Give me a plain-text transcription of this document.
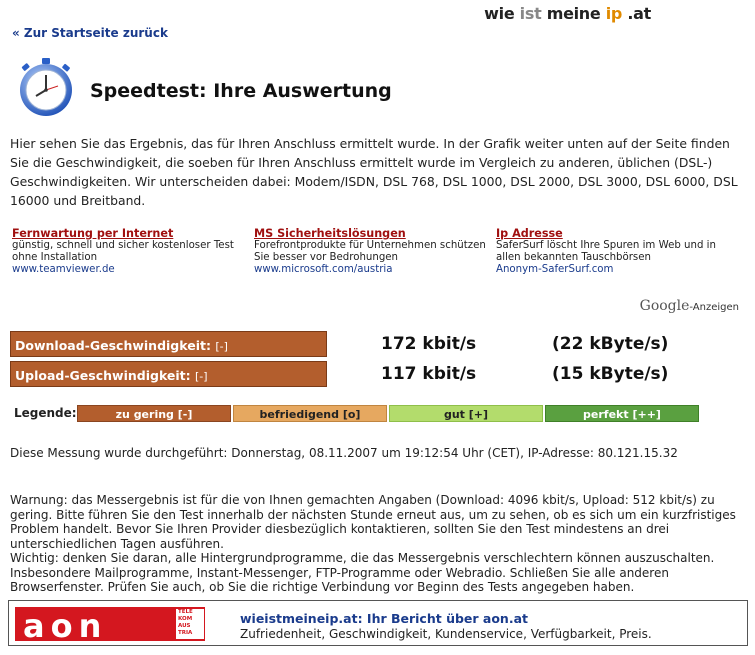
wie ist meine ip .at
« Zur Startseite zurück
Speedtest: Ihre Auswertung
Hier sehen Sie das Ergebnis, das für Ihren Anschluss ermittelt wurde. In der Grafik weiter unten auf der Seite finden Sie die Geschwindigkeit, die soeben für Ihren Anschluss ermittelt wurde im Vergleich zu anderen, üblichen (DSL-) Geschwindigkeiten. Wir unterscheiden dabei: Modem/ISDN, DSL 768, DSL 1000, DSL 2000, DSL 3000, DSL 6000, DSL 16000 und Breitband.
Fernwartung per Internet
günstig, schnell und sicher kostenloser Test ohne Installation
www.teamviewer.de
MS Sicherheitslösungen
Forefrontprodukte für Unternehmen schützen Sie besser vor Bedrohungen
www.microsoft.com/austria
Ip Adresse
SaferSurf löscht Ihre Spuren im Web und in allen bekannten Tauschbörsen
Anonym-SaferSurf.com
Google-Anzeigen
Download-Geschwindigkeit: [-]	172 kbit/s	(22 kByte/s)
Upload-Geschwindigkeit: [-]	117 kbit/s	(15 kByte/s)
Legende:	zu gering [-]	befriedigend [o]	gut [+]	perfekt [++]
Diese Messung wurde durchgeführt: Donnerstag, 08.11.2007 um 19:12:54 Uhr (CET), IP-Adresse: 80.121.15.32
Warnung: das Messergebnis ist für die von Ihnen gemachten Angaben (Download: 4096 kbit/s, Upload: 512 kbit/s) zu gering. Bitte führen Sie den Test innerhalb der nächsten Stunde erneut aus, um zu sehen, ob es sich um ein kurzfristiges Problem handelt. Bevor Sie Ihren Provider diesbezüglich kontaktieren, sollten Sie den Test mindestens an drei unterschiedlichen Tagen ausführen.
Wichtig: denken Sie daran, alle Hintergrundprogramme, die das Messergebnis verschlechtern können auszuschalten. Insbesondere Mailprogramme, Instant-Messenger, FTP-Programme oder Webradio. Schließen Sie alle anderen Browserfenster. Prüfen Sie auch, ob Sie die richtige Verbindung vor Beginn des Tests angegeben haben.
aon	TELE
KOM
AUS
TRIA
wieistmeineip.at: Ihr Bericht über aon.at
Zufriedenheit, Geschwindigkeit, Kundenservice, Verfügbarkeit, Preis.
